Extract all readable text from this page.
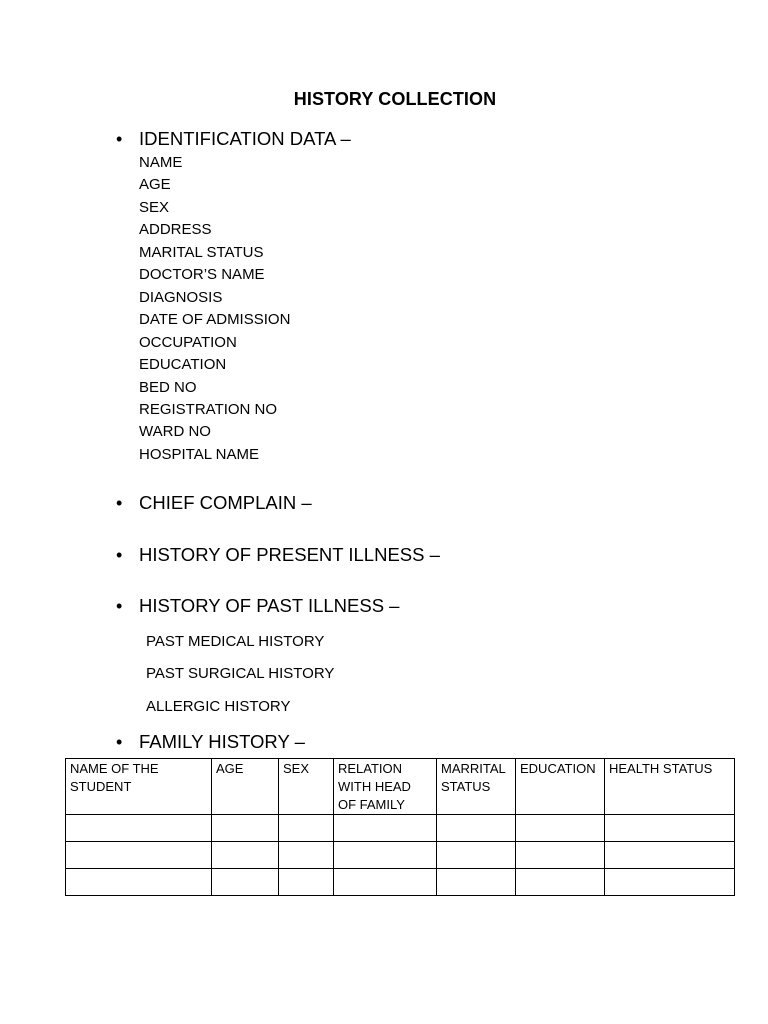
HISTORY COLLECTION
• IDENTIFICATION DATA –
NAME
AGE
SEX
ADDRESS
MARITAL STATUS
DOCTOR’S NAME
DIAGNOSIS
DATE OF ADMISSION
OCCUPATION
EDUCATION
BED NO
REGISTRATION NO
WARD NO
HOSPITAL NAME
• CHIEF COMPLAIN –
• HISTORY OF PRESENT ILLNESS –
• HISTORY OF PAST ILLNESS –
PAST MEDICAL HISTORY
PAST SURGICAL HISTORY
ALLERGIC HISTORY
• FAMILY HISTORY –
NAME OF THE STUDENT	AGE	SEX	RELATION WITH HEAD OF FAMILY	MARRITAL STATUS	EDUCATION	HEALTH STATUS
